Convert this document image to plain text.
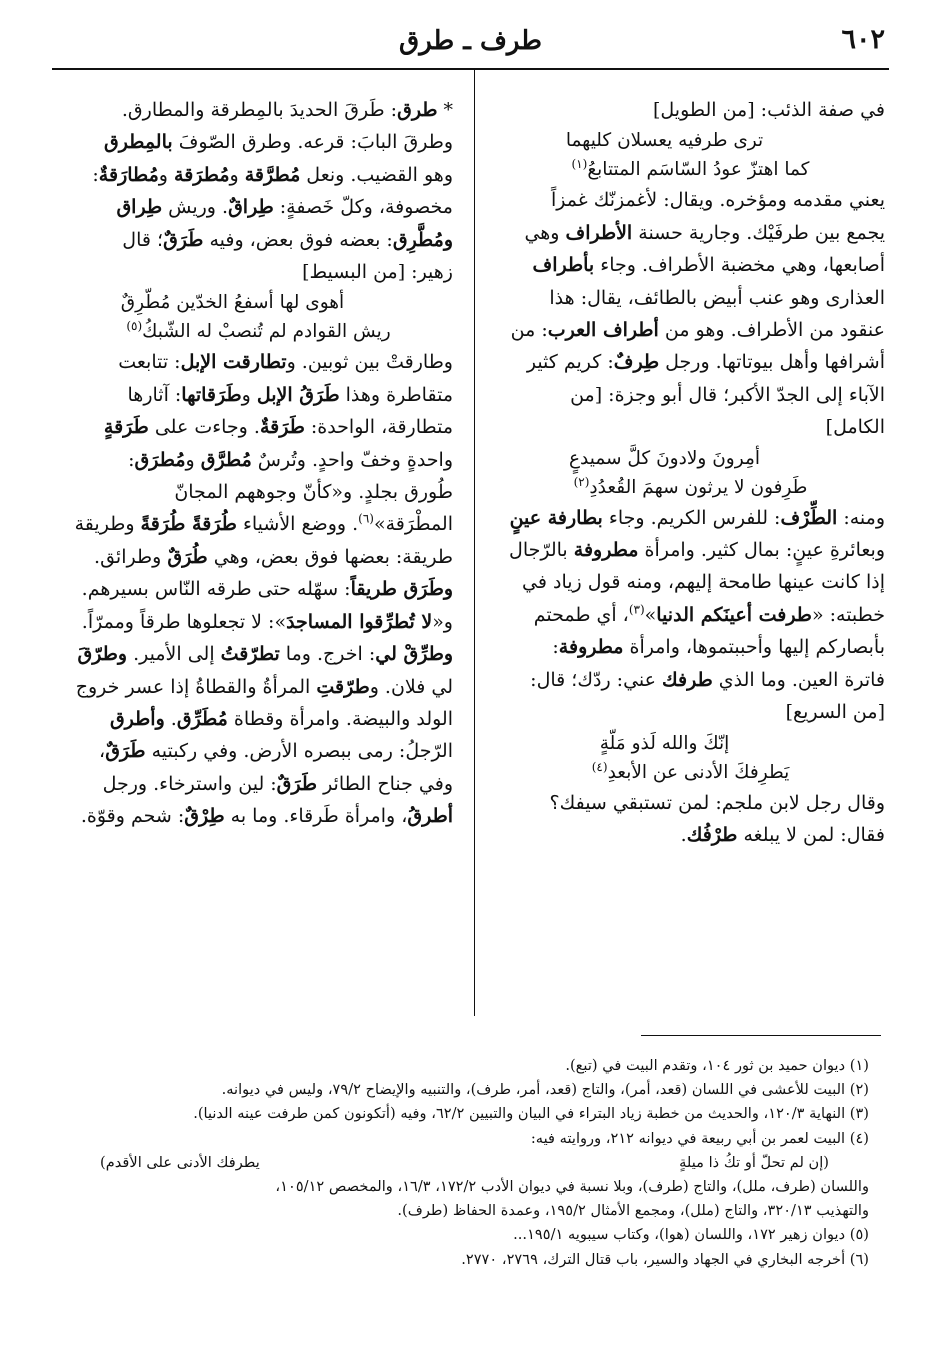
٦٠٢
طرف ـ طرق

في صفة الذئب: [من الطويل]

ترى طرفيه يعسلان كليهما

كما اهتزّ عودُ السّاسَم المتتابعُ$^{(١)}$

يعني مقدمه ومؤخره. ويقال: لأغمزنّك غمزاً

يجمع بين طرفَيْك. وجارية حسنة الأطراف وهي

أصابعها، وهي مخضبة الأطراف. وجاء بأطراف

العذارى وهو عنب أبيض بالطائف، يقال: هذا

عنقود من الأطراف. وهو من أطراف العرب: من

أشرافها وأهل بيوتاتها. ورجل طِرفٌ: كريم كثير

الآباء إلى الجدّ الأكبر؛ قال أبو وجزة: [من

الكامل]

أمِرونَ ولادونَ كلَّ سميدعٍ

طَرِفون لا يرثون سهمَ القُعدُدِ$^{(٢)}$

ومنه: الطِّرْف: للفرس الكريم. وجاء بطارفة عينٍ

وبعائرةِ عينٍ: بمال كثير. وامرأة مطروفة بالرّجال

إذا كانت عينها طامحة إليهم، ومنه قول زياد في

خطبته: «طرفت أعينَكم الدنيا»$^{(٣)}$، أي طمحتم

بأبصاركم إليها وأحببتموها، وامرأة مطروفة:

فاترة العين. وما الذي طرفك عني: ردّك؛ قال:

[من السريع]

إنّكَ والله لَذو مَلّةٍ

يَطرِفكَ الأدنى عن الأبعدِ$^{(٤)}$

وقال رجل لابن ملجم: لمن تستبقي سيفك؟

فقال: لمن لا يبلغه طرْفُك.

* طرق: طَرقَ الحديدَ بالمِطرقة والمطارق.

وطرقَ البابَ: قرعه. وطرق الصّوفَ بالمِطرق

وهو القضيب. ونعل مُطرَّقة ومُطرَقة ومُطارَقةٌ:

مخصوفة، وكلّ خَصفةٍ: طِراقٌ. وريش طِراق

ومُطَّرِق: بعضه فوق بعض، وفيه طَرَقٌ؛ قال

زهير: [من البسيط]

أهوى لها أسفعُ الخدّين مُطّرِقٌ

ريش القوادم لم تُنصبْ له الشّبكُ$^{(٥)}$

وطارقتْ بين ثوبين. وتطارقت الإبل: تتابعت

متقاطرة وهذا طَرَقُ الإبل وطَرَقاتها: آثارها

متطارقة، الواحدة: طَرَقةٌ. وجاءت على طَرَقةٍ

واحدةٍ وخفّ واحدٍ. وتُرسٌ مُطرَّق ومُطرَق:

طُورق بجلدٍ. و«كأنّ وجوههم المجانّ

المطْرَقة»$^{(٦)}$. ووضع الأشياء طُرَقةً طُرَقةً وطريقة

طريقة: بعضها فوق بعض، وهي طُرَقٌ وطرائق.

وطَرَق طريقاً: سهّله حتى طرقه النّاس بسيرهم.

و«لا تُطرِّقوا المساجدَ»: لا تجعلوها طرقاً وممرّاً.

وطرِّقْ لي: اخرج. وما تطرّقتُ إلى الأمير. وطرّقَ

لي فلان. وطرّقتِ المرأةُ والقطاةُ إذا عسر خروج

الولد والبيضة. وامرأة وقطاة مُطَرِّق. وأطرق

الرّجلُ: رمى ببصره الأرض. وفي ركبتيه طَرَقٌ،

وفي جناح الطائر طَرَقٌ: لين واسترخاء. ورجل

أطرقُ، وامرأة طَرقاء. وما به طِرْقٌ: شحم وقوّة.

(١) ديوان حميد بن ثور ١٠٤، وتقدم البيت في (تبع).

(٢) البيت للأعشى في اللسان (قعد، أمر)، والتاج (قعد، أمر، طرف)، والتنبيه والإيضاح ٧٩/٢، وليس في ديوانه.

(٣) النهاية ١٢٠/٣، والحديث من خطبة زياد البتراء في البيان والتبيين ٦٢/٢، وفيه (أتكونون كمن طرفت عينه الدنيا).

(٤) البيت لعمر بن أبي ربيعة في ديوانه ٢١٢، وروايته فيه:

(إن لم تحلّ أو تكُ ذا ميلةٍ
يطرفك الأدنى على الأقدم)

واللسان (طرف، ملل)، والتاج (طرف)، وبلا نسبة في ديوان الأدب ١٧٢/٢، ١٦/٣، والمخصص ١٠٥/١٢،

والتهذيب ٣٢٠/١٣، والتاج (ملل)، ومجمع الأمثال ١٩٥/٢، وعمدة الحفاظ (طرف).

(٥) ديوان زهير ١٧٢، واللسان (هوا)، وكتاب سيبويه ١٩٥/١...

(٦) أخرجه البخاري في الجهاد والسير، باب قتال الترك، ٢٧٦٩، ٢٧٧٠.
